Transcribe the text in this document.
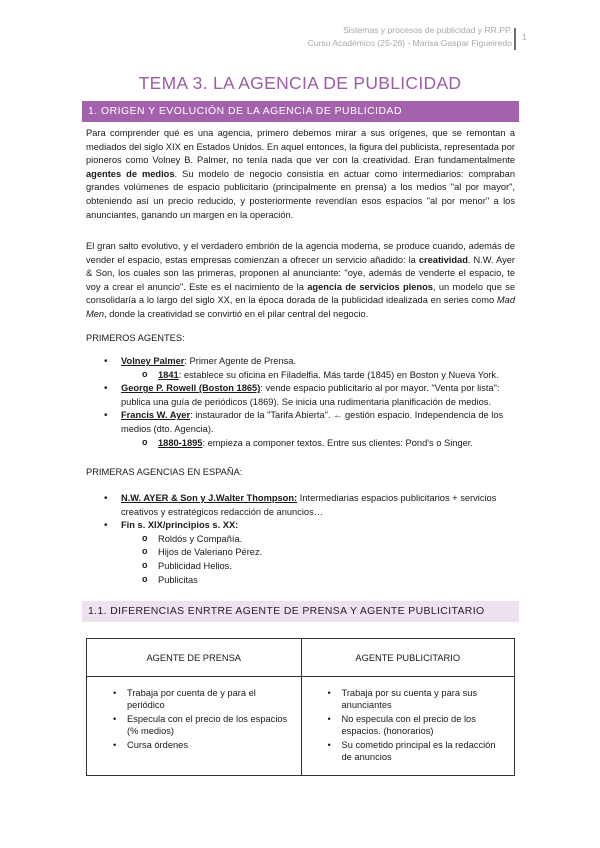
Sistemas y procesos de publicidad y RR.PP.
Curso Académico (25-26) - Marisa Gaspar Figueiredo
1
TEMA 3. LA AGENCIA DE PUBLICIDAD
1. ORIGEN Y EVOLUCIÓN DE LA AGENCIA DE PUBLICIDAD

Para comprender qué es una agencia, primero debemos mirar a sus orígenes, que se remontan a mediados del siglo XIX en Estados Unidos. En aquel entonces, la figura del publicista, representada por pioneros como Volney B. Palmer, no tenía nada que ver con la creatividad. Eran fundamentalmente agentes de medios. Su modelo de negocio consistía en actuar como intermediarios: compraban grandes volúmenes de espacio publicitario (principalmente en prensa) a los medios "al por mayor", obteniendo así un precio reducido, y posteriormente revendían esos espacios "al por menor" a los anunciantes, ganando un margen en la operación.

El gran salto evolutivo, y el verdadero embrión de la agencia moderna, se produce cuando, además de vender el espacio, estas empresas comienzan a ofrecer un servicio añadido: la creatividad. N.W. Ayer & Son, los cuales son las primeras, proponen al anunciante: "oye, además de venderte el espacio, te voy a crear el anuncio". Este es el nacimiento de la agencia de servicios plenos, un modelo que se consolidaría a lo largo del siglo XX, en la época dorada de la publicidad idealizada en series como Mad Men, donde la creatividad se convirtió en el pilar central del negocio.

PRIMEROS AGENTES:
• Volney Palmer: Primer Agente de Prensa.
o 1841: establece su oficina en Filadelfia. Más tarde (1845) en Boston y Nueva York.
• George P. Rowell (Boston 1865): vende espacio publicitario al por mayor. "Venta por lista": publica una guía de periódicos (1869). Se inicia una rudimentaria planificación de medios.
• Francis W. Ayer: instaurador de la "Tarifa Abierta". ← gestión espacio. Independencia de los medios (dto. Agencia).
o 1880-1895: empieza a componer textos. Entre sus clientes: Pond's o Singer.
PRIMERAS AGENCIAS EN ESPAÑA:
• N.W. AYER & Son y J.Walter Thompson: Intermediarias espacios publicitarios + servicios creativos y estratégicos redacción de anuncios…
• Fin s. XIX/principios s. XX:
o Roldós y Compañía.
o Hijos de Valeriano Pérez.
o Publicidad Helios.
o Publicitas
1.1. DIFERENCIAS ENRTRE AGENTE DE PRENSA Y AGENTE PUBLICITARIO
AGENTE DE PRENSA
• Trabaja por cuenta de y para el periódico
• Especula con el precio de los espacios (% medios)
• Cursa órdenes
AGENTE PUBLICITARIO
• Trabaja por su cuenta y para sus anunciantes
• No especula con el precio de los espacios. (honorarios)
• Su cometido principal es la redacción de anuncios
